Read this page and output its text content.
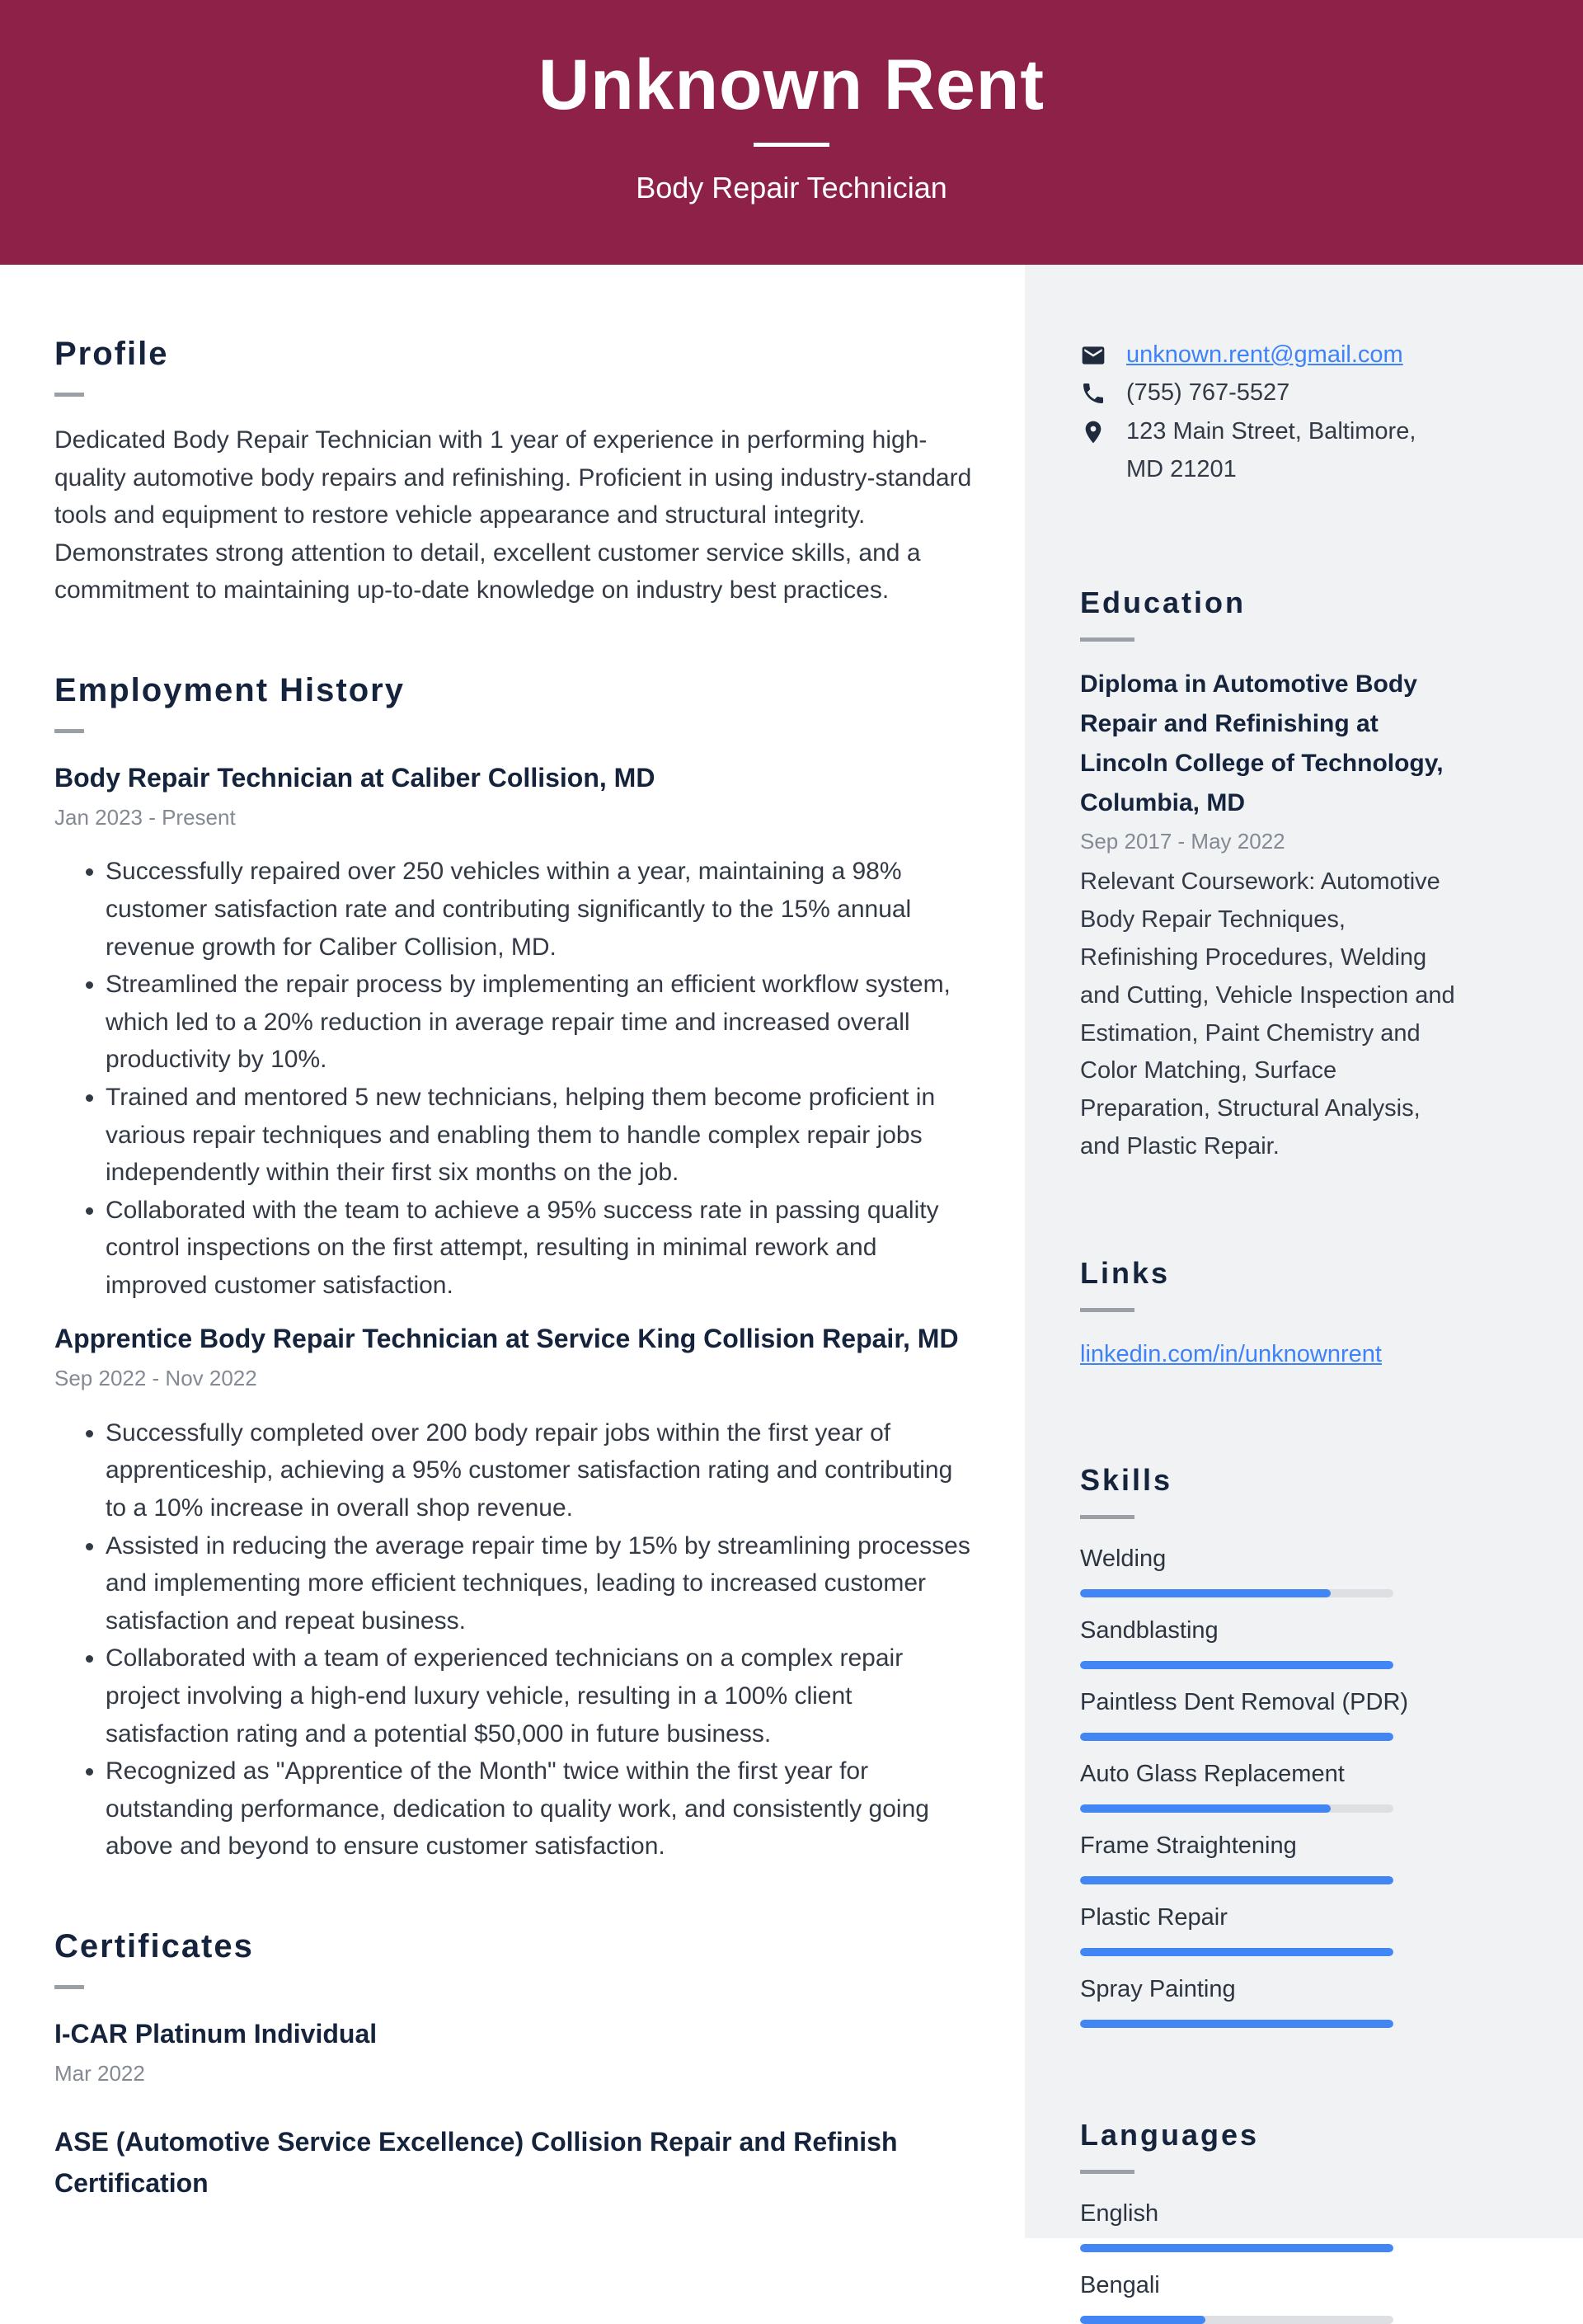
Unknown Rent
Body Repair Technician
Profile

Dedicated Body Repair Technician with 1 year of experience in performing high-quality automotive body repairs and refinishing. Proficient in using industry-standard tools and equipment to restore vehicle appearance and structural integrity. Demonstrates strong attention to detail, excellent customer service skills, and a commitment to maintaining up-to-date knowledge on industry best practices.

Employment History
Body Repair Technician at Caliber Collision, MD
Jan 2023 - Present
• Successfully repaired over 250 vehicles within a year, maintaining a 98% customer satisfaction rate and contributing significantly to the 15% annual revenue growth for Caliber Collision, MD.
• Streamlined the repair process by implementing an efficient workflow system, which led to a 20% reduction in average repair time and increased overall productivity by 10%.
• Trained and mentored 5 new technicians, helping them become proficient in various repair techniques and enabling them to handle complex repair jobs independently within their first six months on the job.
• Collaborated with the team to achieve a 95% success rate in passing quality control inspections on the first attempt, resulting in minimal rework and improved customer satisfaction.
Apprentice Body Repair Technician at Service King Collision Repair, MD
Sep 2022 - Nov 2022
• Successfully completed over 200 body repair jobs within the first year of apprenticeship, achieving a 95% customer satisfaction rating and contributing to a 10% increase in overall shop revenue.
• Assisted in reducing the average repair time by 15% by streamlining processes and implementing more efficient techniques, leading to increased customer satisfaction and repeat business.
• Collaborated with a team of experienced technicians on a complex repair project involving a high-end luxury vehicle, resulting in a 100% client satisfaction rating and a potential $50,000 in future business.
• Recognized as "Apprentice of the Month" twice within the first year for outstanding performance, dedication to quality work, and consistently going above and beyond to ensure customer satisfaction.
Certificates
I-CAR Platinum Individual
Mar 2022
ASE (Automotive Service Excellence) Collision Repair and Refinish Certification
unknown.rent@gmail.com
(755) 767-5527
123 Main Street, Baltimore, MD 21201
Education
Diploma in Automotive Body Repair and Refinishing at Lincoln College of Technology, Columbia, MD
Sep 2017 - May 2022

Relevant Coursework: Automotive Body Repair Techniques, Refinishing Procedures, Welding and Cutting, Vehicle Inspection and Estimation, Paint Chemistry and Color Matching, Surface Preparation, Structural Analysis, and Plastic Repair.

Links
linkedin.com/in/unknownrent
Skills
Welding
Sandblasting
Paintless Dent Removal (PDR)
Auto Glass Replacement
Frame Straightening
Plastic Repair
Spray Painting
Languages
English
Bengali
